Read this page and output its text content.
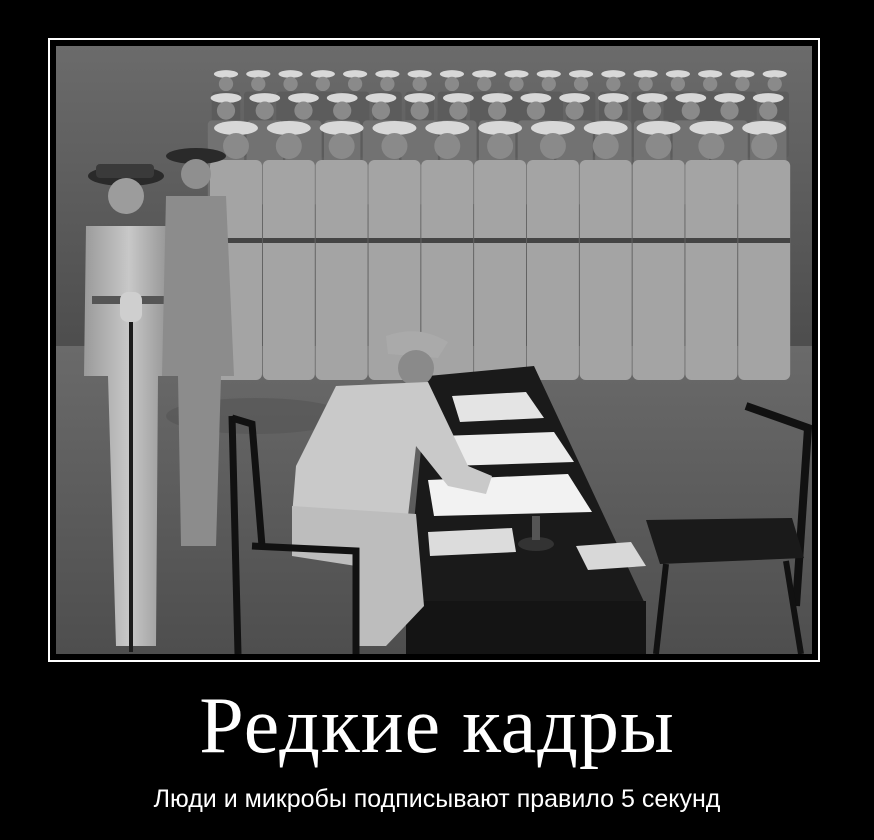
Редкие кадры
Люди и микробы подписывают правило 5 секунд
